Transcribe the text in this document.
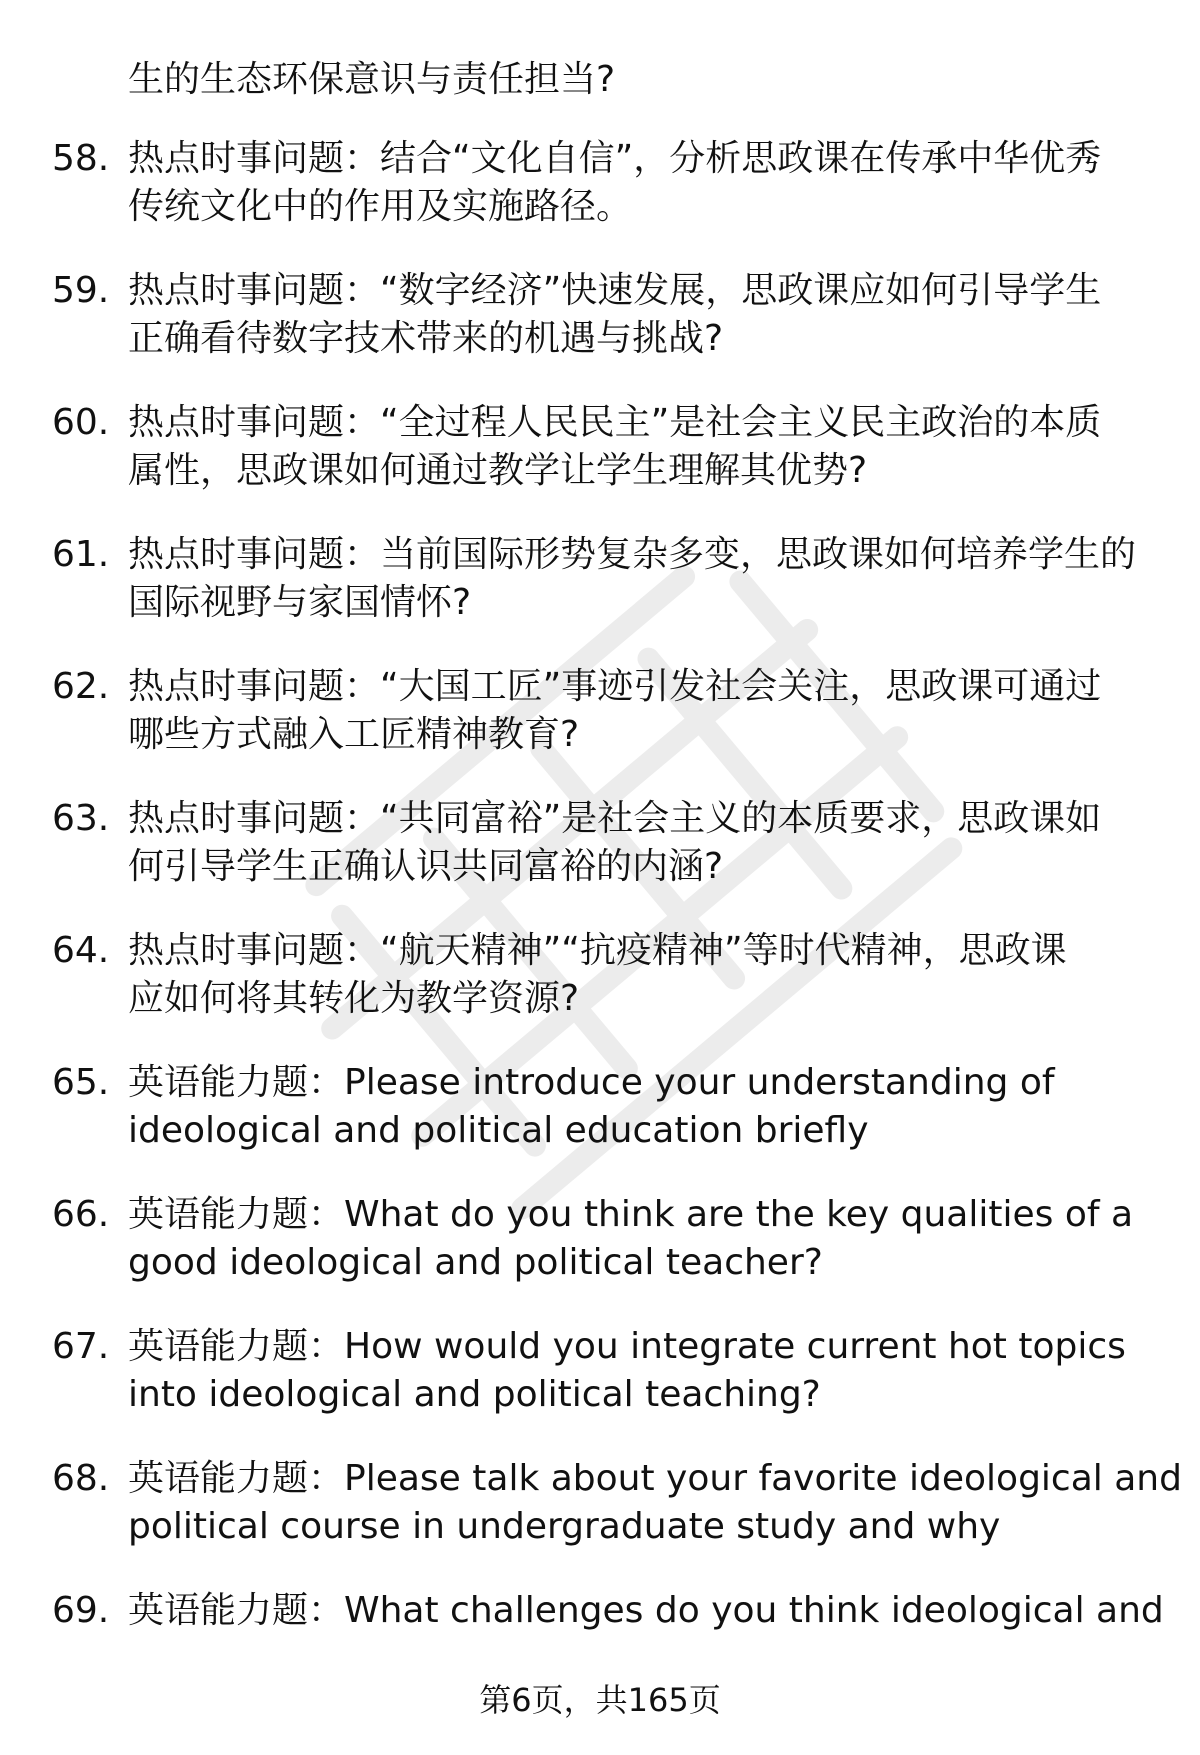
生的生态环保意识与责任担当?
58. 热点时事问题：结合“文化自信”，分析思政课在传承中华优秀
传统文化中的作用及实施路径。
59. 热点时事问题：“数字经济”快速发展，思政课应如何引导学生
正确看待数字技术带来的机遇与挑战?
60. 热点时事问题：“全过程人民民主”是社会主义民主政治的本质
属性，思政课如何通过教学让学生理解其优势?
61. 热点时事问题：当前国际形势复杂多变，思政课如何培养学生的
国际视野与家国情怀?
62. 热点时事问题：“大国工匠”事迹引发社会关注，思政课可通过
哪些方式融入工匠精神教育?
63. 热点时事问题：“共同富裕”是社会主义的本质要求，思政课如
何引导学生正确认识共同富裕的内涵?
64. 热点时事问题：“航天精神”“抗疫精神”等时代精神，思政课
应如何将其转化为教学资源?
65. 英语能力题：Please introduce your understanding of
ideological and political education briefly
66. 英语能力题：What do you think are the key qualities of a
good ideological and political teacher?
67. 英语能力题：How would you integrate current hot topics
into ideological and political teaching?
68. 英语能力题：Please talk about your favorite ideological and
political course in undergraduate study and why
69. 英语能力题：What challenges do you think ideological and
第6页，共165页
